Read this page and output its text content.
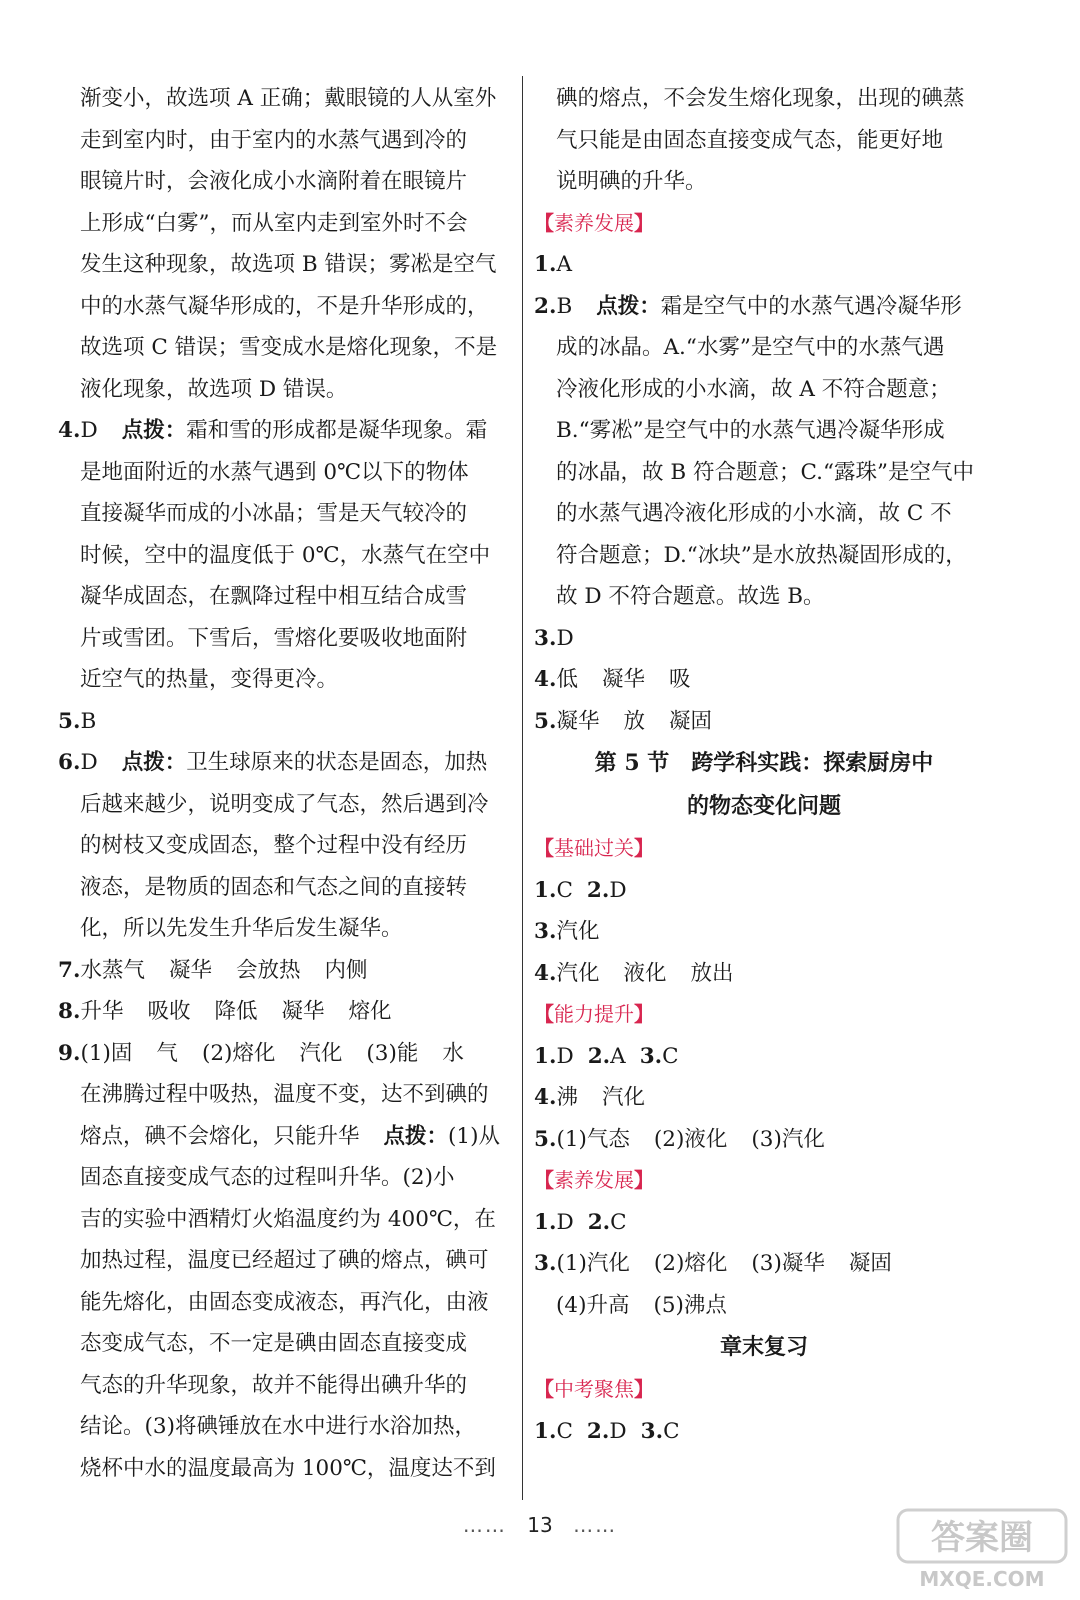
渐变小，故选项 A 正确；戴眼镜的人从室外
走到室内时，由于室内的水蒸气遇到冷的
眼镜片时，会液化成小水滴附着在眼镜片
上形成“白雾”，而从室内走到室外时不会
发生这种现象，故选项 B 错误；雾凇是空气
中的水蒸气凝华形成的，不是升华形成的，
故选项 C 错误；雪变成水是熔化现象，不是
液化现象，故选项 D 错误。
4.D 点拨：霜和雪的形成都是凝华现象。霜
是地面附近的水蒸气遇到 0℃以下的物体
直接凝华而成的小冰晶；雪是天气较冷的
时候，空中的温度低于 0℃，水蒸气在空中
凝华成固态，在飘降过程中相互结合成雪
片或雪团。下雪后，雪熔化要吸收地面附
近空气的热量，变得更冷。
5.B
6.D 点拨：卫生球原来的状态是固态，加热
后越来越少，说明变成了气态，然后遇到冷
的树枝又变成固态，整个过程中没有经历
液态，是物质的固态和气态之间的直接转
化，所以先发生升华后发生凝华。
7.水蒸气 凝华 会放热 内侧
8.升华 吸收 降低 凝华 熔化
9.(1)固 气 (2)熔化 汽化 (3)能 水
在沸腾过程中吸热，温度不变，达不到碘的
熔点，碘不会熔化，只能升华 点拨：(1)从
固态直接变成气态的过程叫升华。(2)小
吉的实验中酒精灯火焰温度约为 400℃，在
加热过程，温度已经超过了碘的熔点，碘可
能先熔化，由固态变成液态，再汽化，由液
态变成气态，不一定是碘由固态直接变成
气态的升华现象，故并不能得出碘升华的
结论。(3)将碘锤放在水中进行水浴加热，
烧杯中水的温度最高为 100℃，温度达不到
碘的熔点，不会发生熔化现象，出现的碘蒸
气只能是由固态直接变成气态，能更好地
说明碘的升华。
【素养发展】
1.A
2.B 点拨：霜是空气中的水蒸气遇冷凝华形
成的冰晶。A.“水雾”是空气中的水蒸气遇
冷液化形成的小水滴，故 A 不符合题意；
B.“雾凇”是空气中的水蒸气遇冷凝华形成
的冰晶，故 B 符合题意；C.“露珠”是空气中
的水蒸气遇冷液化形成的小水滴，故 C 不
符合题意；D.“冰块”是水放热凝固形成的，
故 D 不符合题意。故选 B。
3.D
4.低 凝华 吸
5.凝华 放 凝固
第 5 节　跨学科实践：探索厨房中
的物态变化问题
【基础过关】
1.C 2.D
3.汽化
4.汽化 液化 放出
【能力提升】
1.D 2.A 3.C
4.沸 汽化
5.(1)气态 (2)液化 (3)汽化
【素养发展】
1.D 2.C
3.(1)汽化 (2)熔化 (3)凝华 凝固
(4)升高 (5)沸点
章末复习
【中考聚焦】
1.C 2.D 3.C
…… 13 ……	答案圈
MXQE.COM
